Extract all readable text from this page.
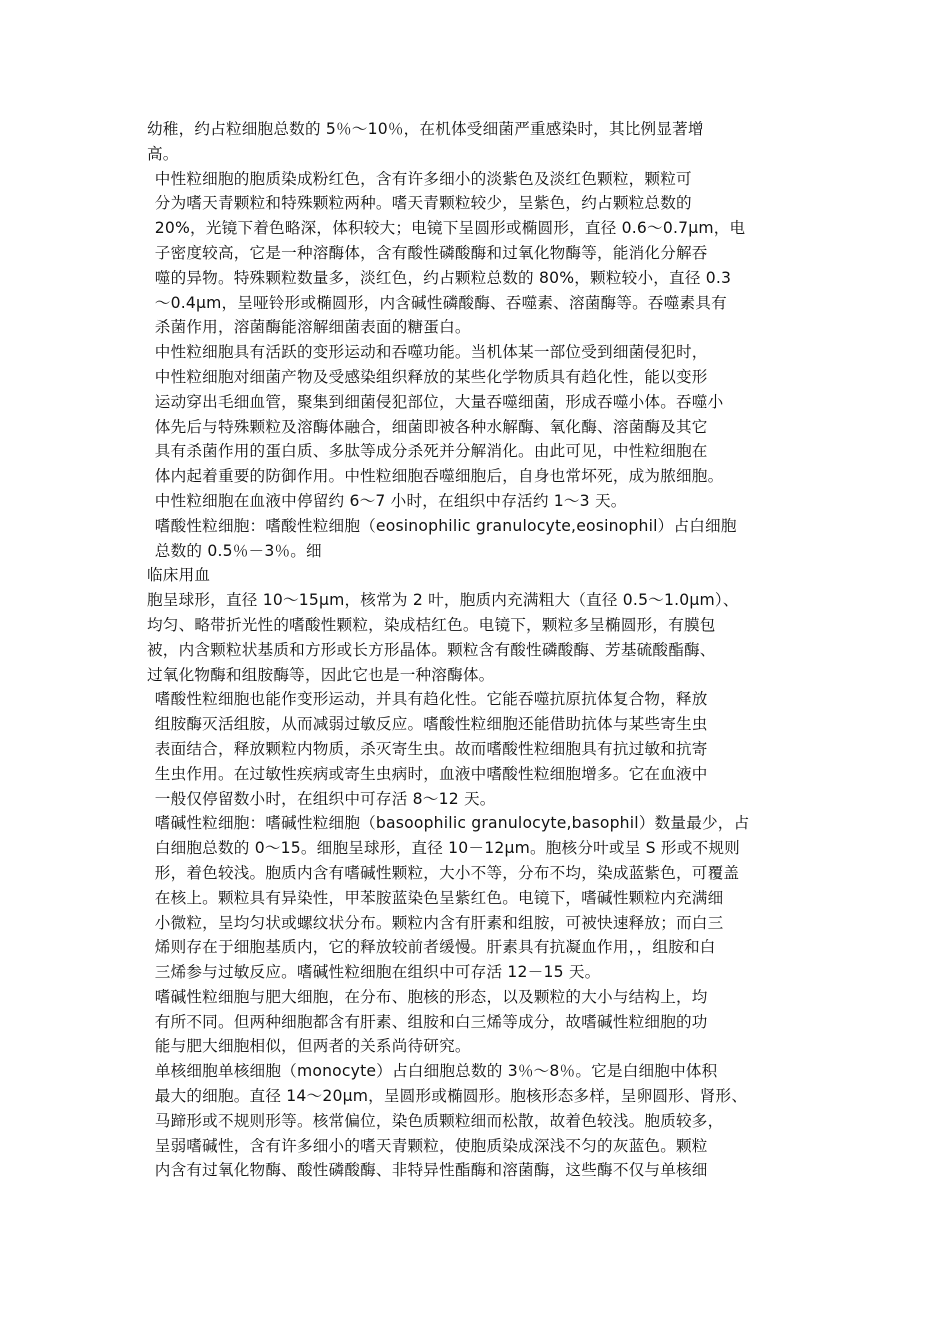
幼稚，约占粒细胞总数的 5％～10％，在机体受细菌严重感染时，其比例显著增
高。
中性粒细胞的胞质染成粉红色，含有许多细小的淡紫色及淡红色颗粒，颗粒可
分为嗜天青颗粒和特殊颗粒两种。嗜天青颗粒较少，呈紫色，约占颗粒总数的
20%，光镜下着色略深，体积较大；电镜下呈圆形或椭圆形，直径 0.6～0.7μm，电
子密度较高，它是一种溶酶体，含有酸性磷酸酶和过氧化物酶等，能消化分解吞
噬的异物。特殊颗粒数量多，淡红色，约占颗粒总数的 80%，颗粒较小，直径 0.3
～0.4μm，呈哑铃形或椭圆形，内含碱性磷酸酶、吞噬素、溶菌酶等。吞噬素具有
杀菌作用，溶菌酶能溶解细菌表面的糖蛋白。
中性粒细胞具有活跃的变形运动和吞噬功能。当机体某一部位受到细菌侵犯时，
中性粒细胞对细菌产物及受感染组织释放的某些化学物质具有趋化性，能以变形
运动穿出毛细血管，聚集到细菌侵犯部位，大量吞噬细菌，形成吞噬小体。吞噬小
体先后与特殊颗粒及溶酶体融合，细菌即被各种水解酶、氧化酶、溶菌酶及其它
具有杀菌作用的蛋白质、多肽等成分杀死并分解消化。由此可见，中性粒细胞在
体内起着重要的防御作用。中性粒细胞吞噬细胞后，自身也常坏死，成为脓细胞。
中性粒细胞在血液中停留约 6～7 小时，在组织中存活约 1～3 天。
嗜酸性粒细胞：嗜酸性粒细胞（eosinophilic granulocyte,eosinophil）占白细胞
总数的 0.5％－3％。细
临床用血
胞呈球形，直径 10～15μm，核常为 2 叶，胞质内充满粗大（直径 0.5～1.0μm）、
均匀、略带折光性的嗜酸性颗粒，染成桔红色。电镜下，颗粒多呈椭圆形，有膜包
被，内含颗粒状基质和方形或长方形晶体。颗粒含有酸性磷酸酶、芳基硫酸酯酶、
过氧化物酶和组胺酶等，因此它也是一种溶酶体。
嗜酸性粒细胞也能作变形运动，并具有趋化性。它能吞噬抗原抗体复合物，释放
组胺酶灭活组胺，从而减弱过敏反应。嗜酸性粒细胞还能借助抗体与某些寄生虫
表面结合，释放颗粒内物质，杀灭寄生虫。故而嗜酸性粒细胞具有抗过敏和抗寄
生虫作用。在过敏性疾病或寄生虫病时，血液中嗜酸性粒细胞增多。它在血液中
一般仅停留数小时，在组织中可存活 8～12 天。
嗜碱性粒细胞：嗜碱性粒细胞（basoophilic granulocyte,basophil）数量最少，占
白细胞总数的 0～15。细胞呈球形，直径 10－12μm。胞核分叶或呈 S 形或不规则
形，着色较浅。胞质内含有嗜碱性颗粒，大小不等，分布不均，染成蓝紫色，可覆盖
在核上。颗粒具有异染性，甲苯胺蓝染色呈紫红色。电镜下，嗜碱性颗粒内充满细
小微粒，呈均匀状或螺纹状分布。颗粒内含有肝素和组胺，可被快速释放；而白三
烯则存在于细胞基质内，它的释放较前者缓慢。肝素具有抗凝血作用，，组胺和白
三烯参与过敏反应。嗜碱性粒细胞在组织中可存活 12－15 天。
嗜碱性粒细胞与肥大细胞，在分布、胞核的形态，以及颗粒的大小与结构上，均
有所不同。但两种细胞都含有肝素、组胺和白三烯等成分，故嗜碱性粒细胞的功
能与肥大细胞相似，但两者的关系尚待研究。
单核细胞单核细胞（monocyte）占白细胞总数的 3％～8％。它是白细胞中体积
最大的细胞。直径 14～20μm，呈圆形或椭圆形。胞核形态多样，呈卵圆形、肾形、
马蹄形或不规则形等。核常偏位，染色质颗粒细而松散，故着色较浅。胞质较多，
呈弱嗜碱性，含有许多细小的嗜天青颗粒，使胞质染成深浅不匀的灰蓝色。颗粒
内含有过氧化物酶、酸性磷酸酶、非特异性酯酶和溶菌酶，这些酶不仅与单核细
